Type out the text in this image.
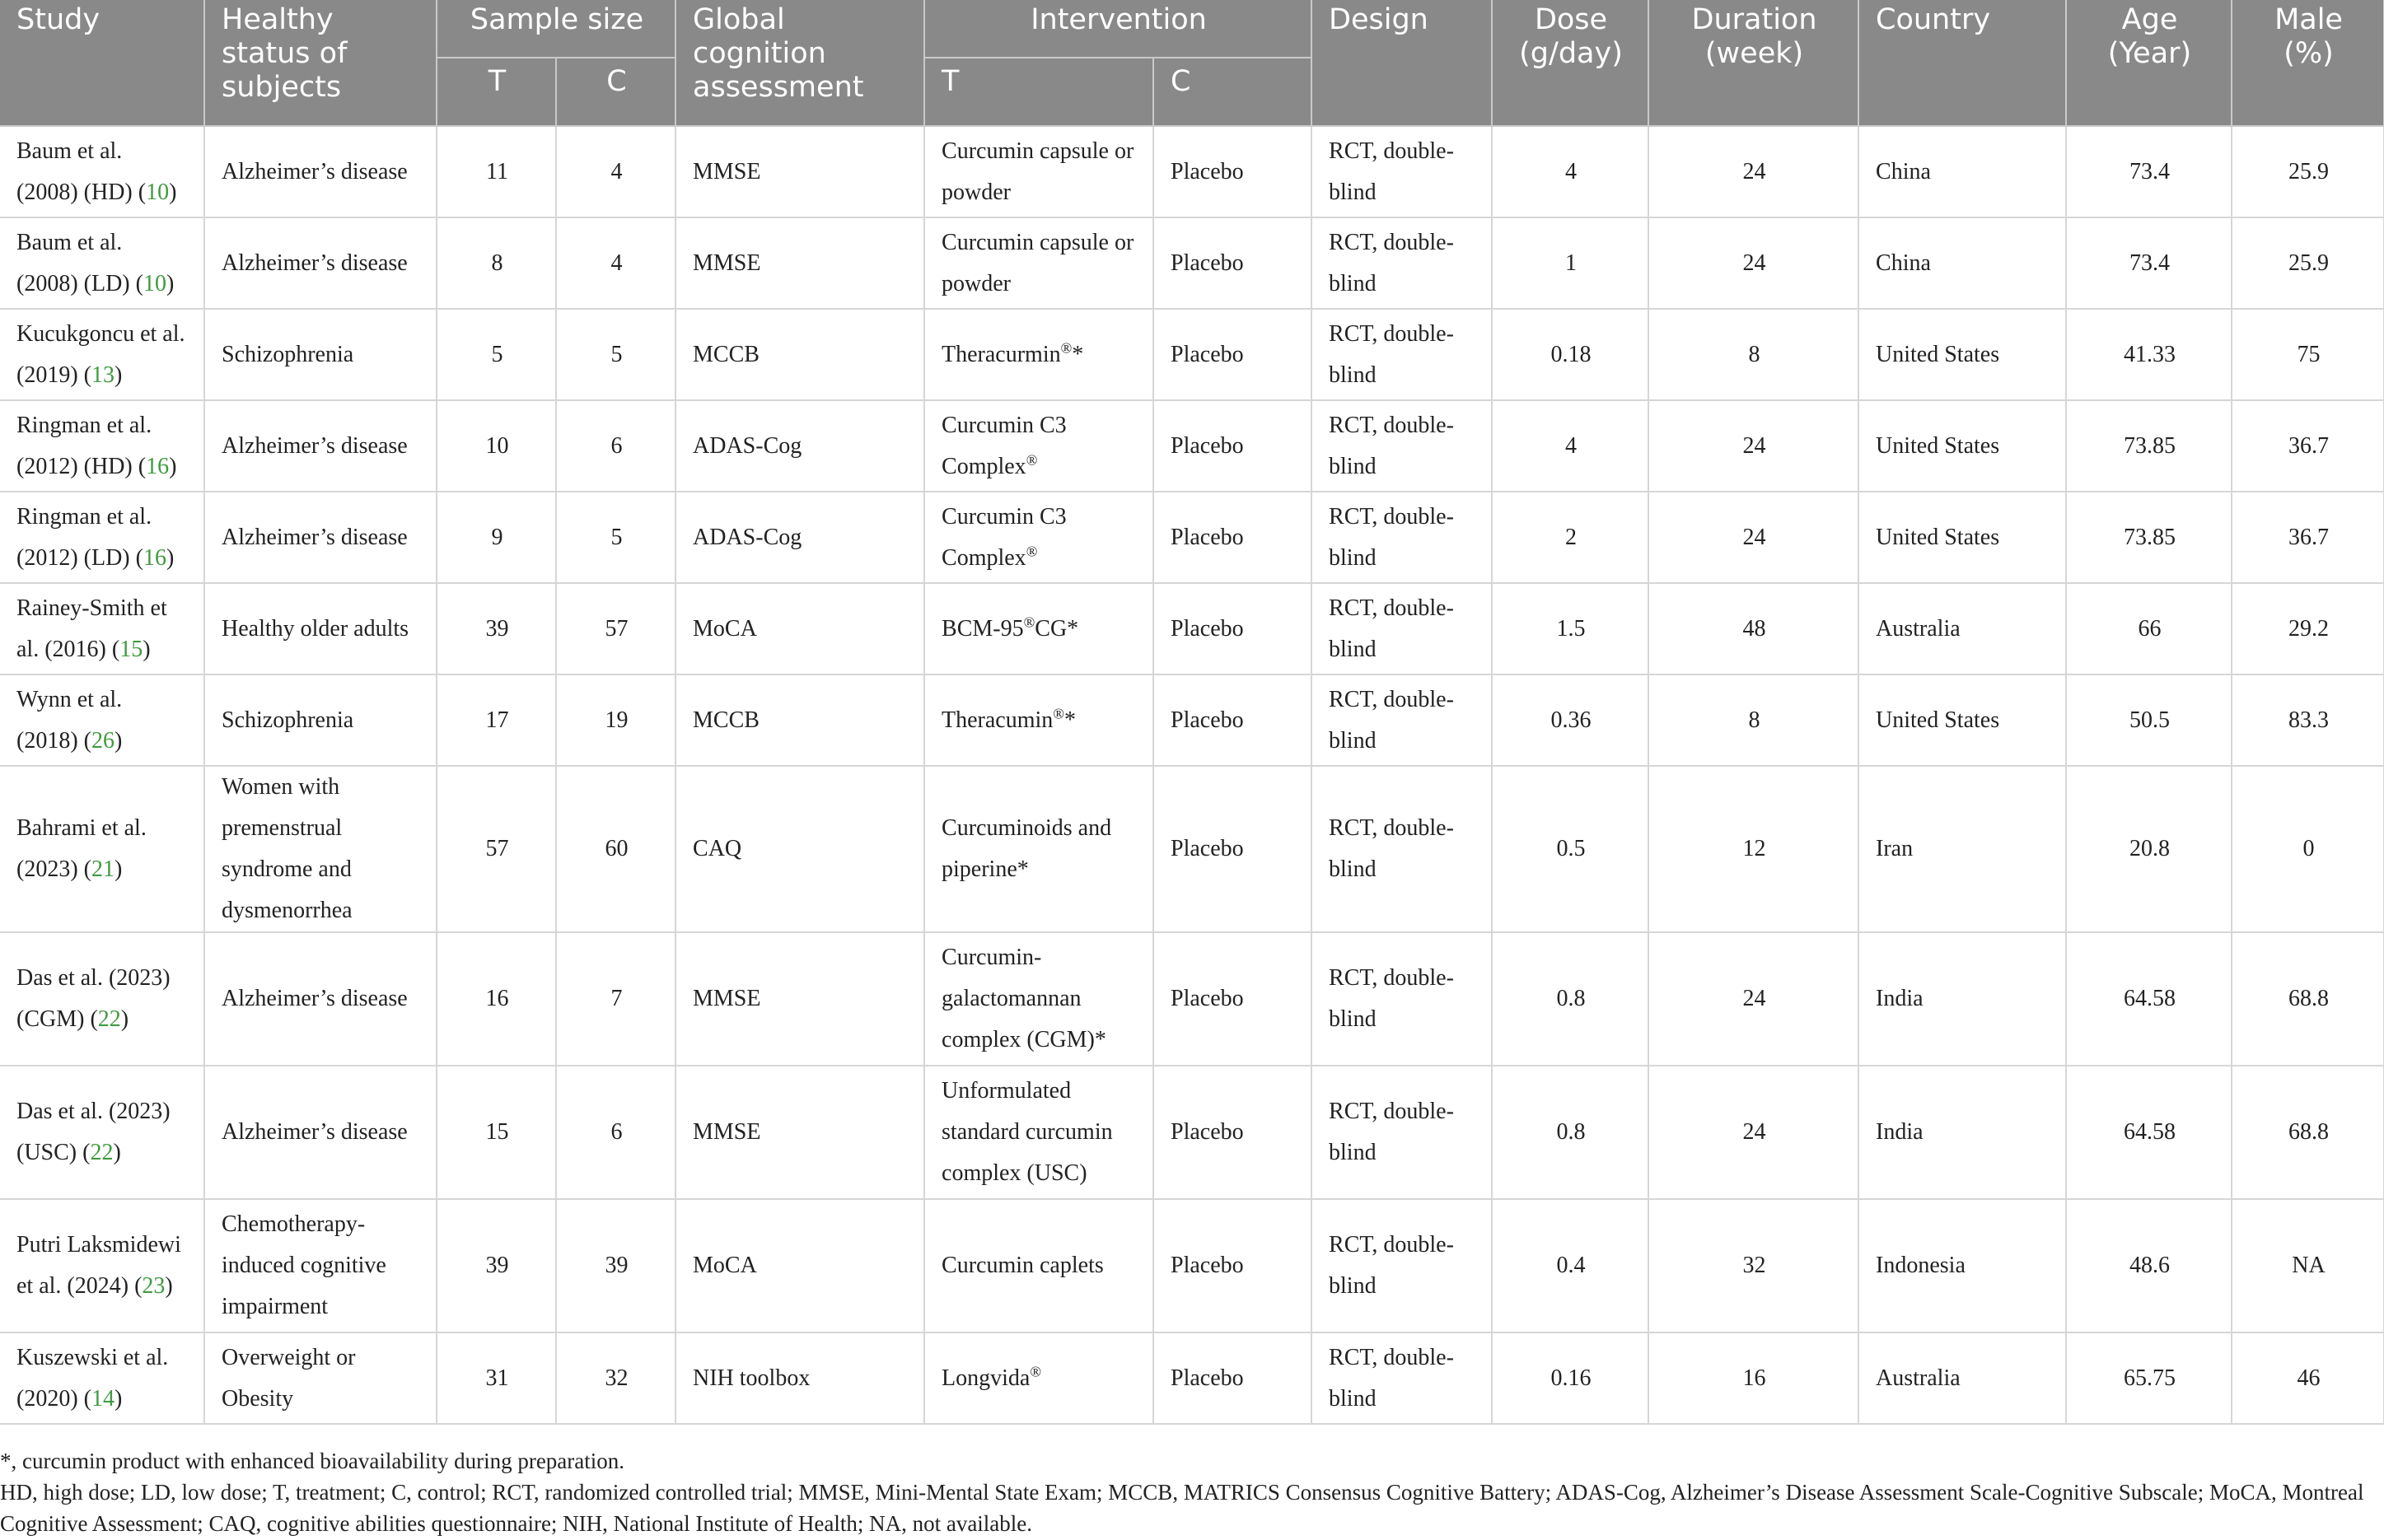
Study	Healthy status of subjects	Sample size		Global cognition assessment	Intervention		Design	Dose (g/day)	Duration (week)	Country	Age (Year)	Male (%)
		T	C		T	C						
Baum et al. (2008) (HD) (10)	Alzheimer’s disease	11	4	MMSE	Curcumin capsule or powder	Placebo	RCT, double-blind	4	24	China	73.4	25.9
Baum et al. (2008) (LD) (10)	Alzheimer’s disease	8	4	MMSE	Curcumin capsule or powder	Placebo	RCT, double-blind	1	24	China	73.4	25.9
Kucukgoncu et al. (2019) (13)	Schizophrenia	5	5	MCCB	Theracurmin®*	Placebo	RCT, double-blind	0.18	8	United States	41.33	75
Ringman et al. (2012) (HD) (16)	Alzheimer’s disease	10	6	ADAS-Cog	Curcumin C3 Complex®	Placebo	RCT, double-blind	4	24	United States	73.85	36.7
Ringman et al. (2012) (LD) (16)	Alzheimer’s disease	9	5	ADAS-Cog	Curcumin C3 Complex®	Placebo	RCT, double-blind	2	24	United States	73.85	36.7
Rainey-Smith et al. (2016) (15)	Healthy older adults	39	57	MoCA	BCM-95®CG*	Placebo	RCT, double-blind	1.5	48	Australia	66	29.2
Wynn et al. (2018) (26)	Schizophrenia	17	19	MCCB	Theracumin®*	Placebo	RCT, double-blind	0.36	8	United States	50.5	83.3
Bahrami et al. (2023) (21)	Women with premenstrual syndrome and dysmenorrhea	57	60	CAQ	Curcuminoids and piperine*	Placebo	RCT, double-blind	0.5	12	Iran	20.8	0
Das et al. (2023) (CGM) (22)	Alzheimer’s disease	16	7	MMSE	Curcumin-galactomannan complex (CGM)*	Placebo	RCT, double-blind	0.8	24	India	64.58	68.8
Das et al. (2023) (USC) (22)	Alzheimer’s disease	15	6	MMSE	Unformulated standard curcumin complex (USC)	Placebo	RCT, double-blind	0.8	24	India	64.58	68.8
Putri Laksmidewi et al. (2024) (23)	Chemotherapy-induced cognitive impairment	39	39	MoCA	Curcumin caplets	Placebo	RCT, double-blind	0.4	32	Indonesia	48.6	NA
Kuszewski et al. (2020) (14)	Overweight or Obesity	31	32	NIH toolbox	Longvida®	Placebo	RCT, double-blind	0.16	16	Australia	65.75	46

*, curcumin product with enhanced bioavailability during preparation.

HD, high dose; LD, low dose; T, treatment; C, control; RCT, randomized controlled trial; MMSE, Mini-Mental State Exam; MCCB, MATRICS Consensus Cognitive Battery; ADAS-Cog, Alzheimer’s Disease Assessment Scale-Cognitive Subscale; MoCA, Montreal Cognitive Assessment; CAQ, cognitive abilities questionnaire; NIH, National Institute of Health; NA, not available.
